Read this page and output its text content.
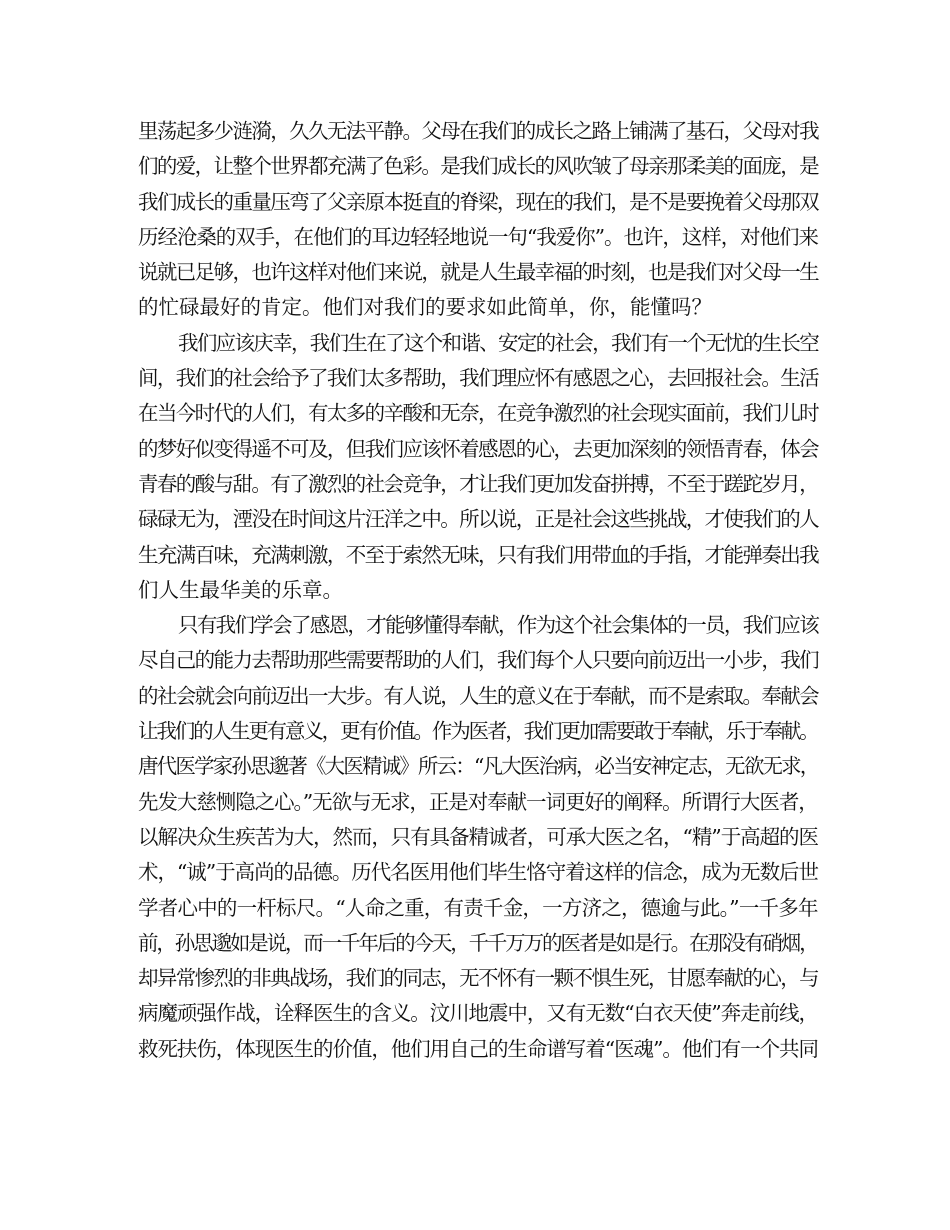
里荡起多少涟漪，久久无法平静。父母在我们的成长之路上铺满了基石，父母对我
们的爱，让整个世界都充满了色彩。是我们成长的风吹皱了母亲那柔美的面庞，是
我们成长的重量压弯了父亲原本挺直的脊梁，现在的我们，是不是要挽着父母那双
历经沧桑的双手，在他们的耳边轻轻地说一句“我爱你”。也许，这样，对他们来
说就已足够，也许这样对他们来说，就是人生最幸福的时刻，也是我们对父母一生
的忙碌最好的肯定。他们对我们的要求如此简单，你，能懂吗？
我们应该庆幸，我们生在了这个和谐、安定的社会，我们有一个无忧的生长空
间，我们的社会给予了我们太多帮助，我们理应怀有感恩之心，去回报社会。生活
在当今时代的人们，有太多的辛酸和无奈，在竞争激烈的社会现实面前，我们儿时
的梦好似变得遥不可及，但我们应该怀着感恩的心，去更加深刻的领悟青春，体会
青春的酸与甜。有了激烈的社会竞争，才让我们更加发奋拼搏，不至于蹉跎岁月，
碌碌无为，湮没在时间这片汪洋之中。所以说，正是社会这些挑战，才使我们的人
生充满百味，充满刺激，不至于索然无味，只有我们用带血的手指，才能弹奏出我
们人生最华美的乐章。
只有我们学会了感恩，才能够懂得奉献，作为这个社会集体的一员，我们应该
尽自己的能力去帮助那些需要帮助的人们，我们每个人只要向前迈出一小步，我们
的社会就会向前迈出一大步。有人说，人生的意义在于奉献，而不是索取。奉献会
让我们的人生更有意义，更有价值。作为医者，我们更加需要敢于奉献，乐于奉献。
唐代医学家孙思邈著《大医精诚》所云：“凡大医治病，必当安神定志，无欲无求，
先发大慈恻隐之心。”无欲与无求，正是对奉献一词更好的阐释。所谓行大医者，
以解决众生疾苦为大，然而，只有具备精诚者，可承大医之名，“精”于高超的医
术，“诚”于高尚的品德。历代名医用他们毕生恪守着这样的信念，成为无数后世
学者心中的一杆标尺。“人命之重，有责千金，一方济之，德逾与此。”一千多年
前，孙思邈如是说，而一千年后的今天，千千万万的医者是如是行。在那没有硝烟，
却异常惨烈的非典战场，我们的同志，无不怀有一颗不惧生死，甘愿奉献的心，与
病魔顽强作战，诠释医生的含义。汶川地震中，又有无数“白衣天使”奔走前线，
救死扶伤，体现医生的价值，他们用自己的生命谱写着“医魂”。他们有一个共同
